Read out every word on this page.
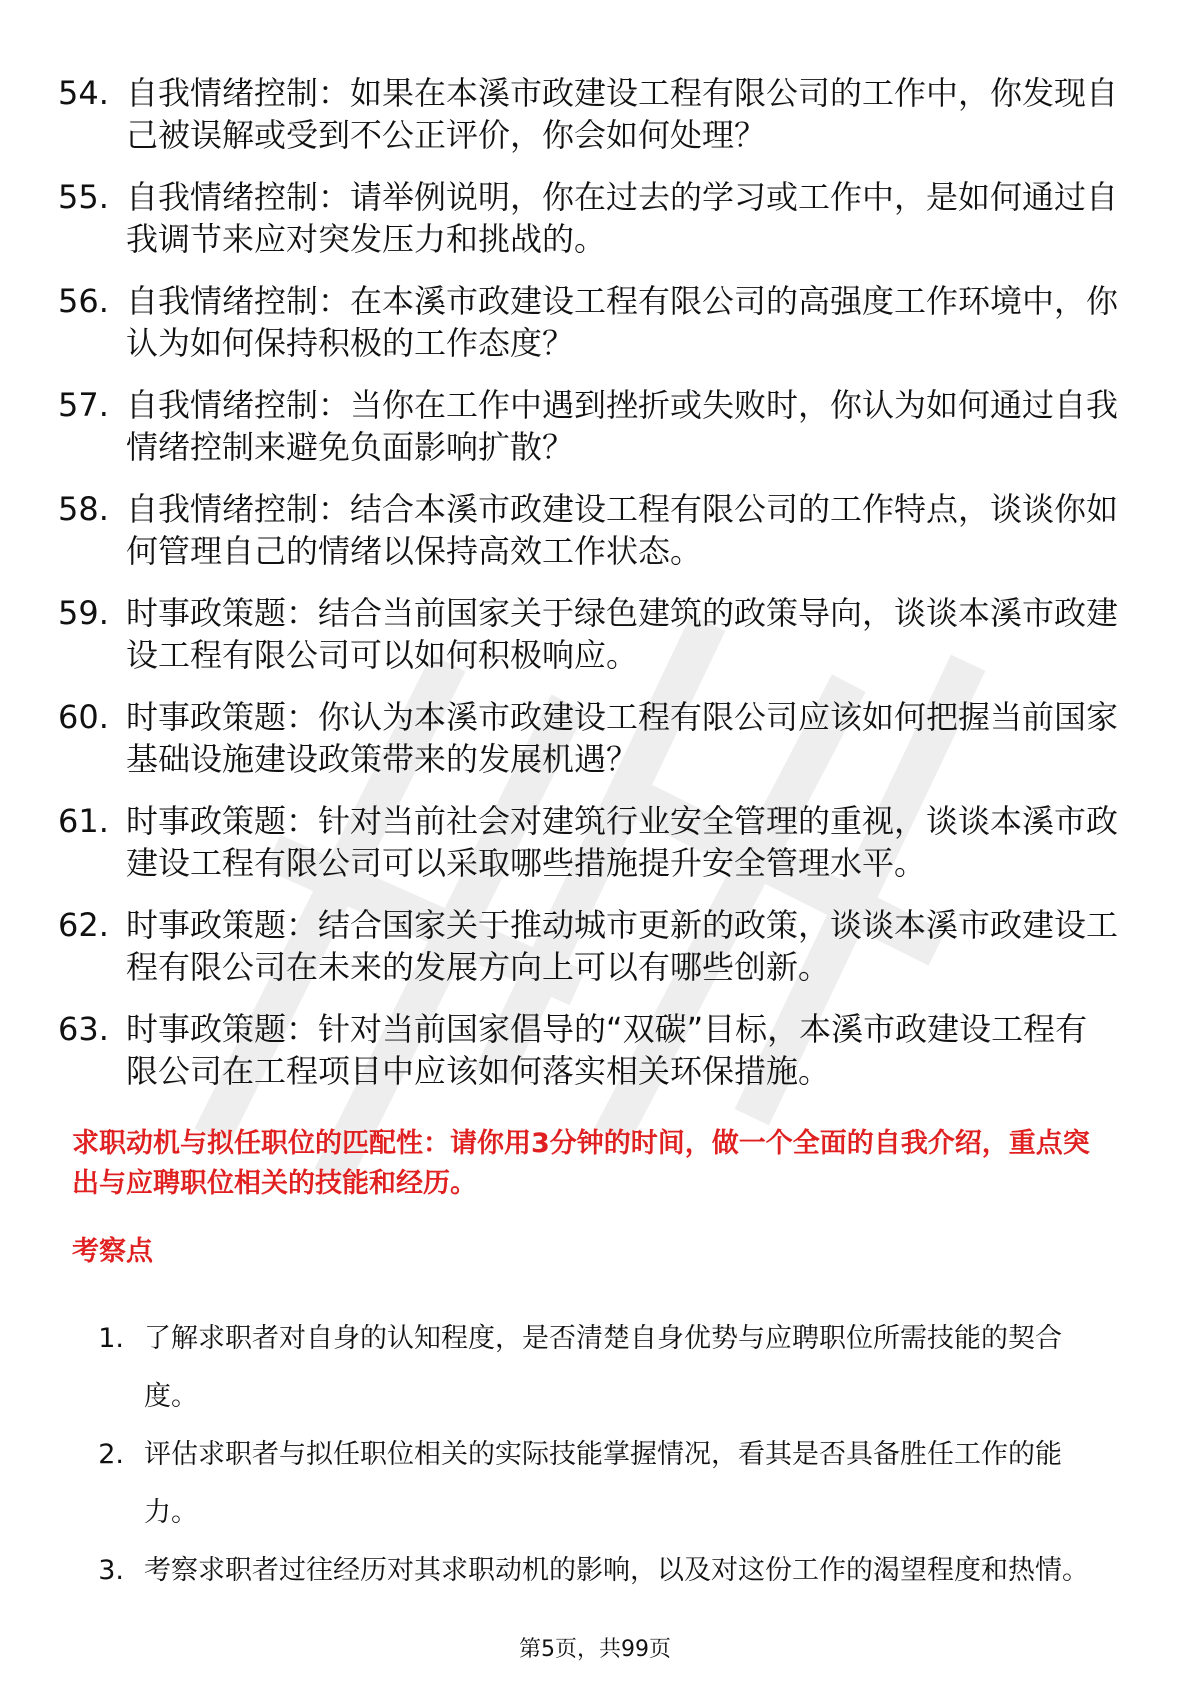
54. 自我情绪控制：如果在本溪市政建设工程有限公司的工作中，你发现自己被误解或受到不公正评价，你会如何处理？
55. 自我情绪控制：请举例说明，你在过去的学习或工作中，是如何通过自我调节来应对突发压力和挑战的。
56. 自我情绪控制：在本溪市政建设工程有限公司的高强度工作环境中，你认为如何保持积极的工作态度？
57. 自我情绪控制：当你在工作中遇到挫折或失败时，你认为如何通过自我情绪控制来避免负面影响扩散？
58. 自我情绪控制：结合本溪市政建设工程有限公司的工作特点，谈谈你如何管理自己的情绪以保持高效工作状态。
59. 时事政策题：结合当前国家关于绿色建筑的政策导向，谈谈本溪市政建设工程有限公司可以如何积极响应。
60. 时事政策题：你认为本溪市政建设工程有限公司应该如何把握当前国家基础设施建设政策带来的发展机遇？
61. 时事政策题：针对当前社会对建筑行业安全管理的重视，谈谈本溪市政建设工程有限公司可以采取哪些措施提升安全管理水平。
62. 时事政策题：结合国家关于推动城市更新的政策，谈谈本溪市政建设工程有限公司在未来的发展方向上可以有哪些创新。
63. 时事政策题：针对当前国家倡导的“双碳”目标，本溪市政建设工程有限公司在工程项目中应该如何落实相关环保措施。

求职动机与拟任职位的匹配性：请你用3分钟的时间，做一个全面的自我介绍，重点突出与应聘职位相关的技能和经历。

考察点

1. 了解求职者对自身的认知程度，是否清楚自身优势与应聘职位所需技能的契合度。
2. 评估求职者与拟任职位相关的实际技能掌握情况，看其是否具备胜任工作的能力。
3. 考察求职者过往经历对其求职动机的影响，以及对这份工作的渴望程度和热情。
第5页，共99页
